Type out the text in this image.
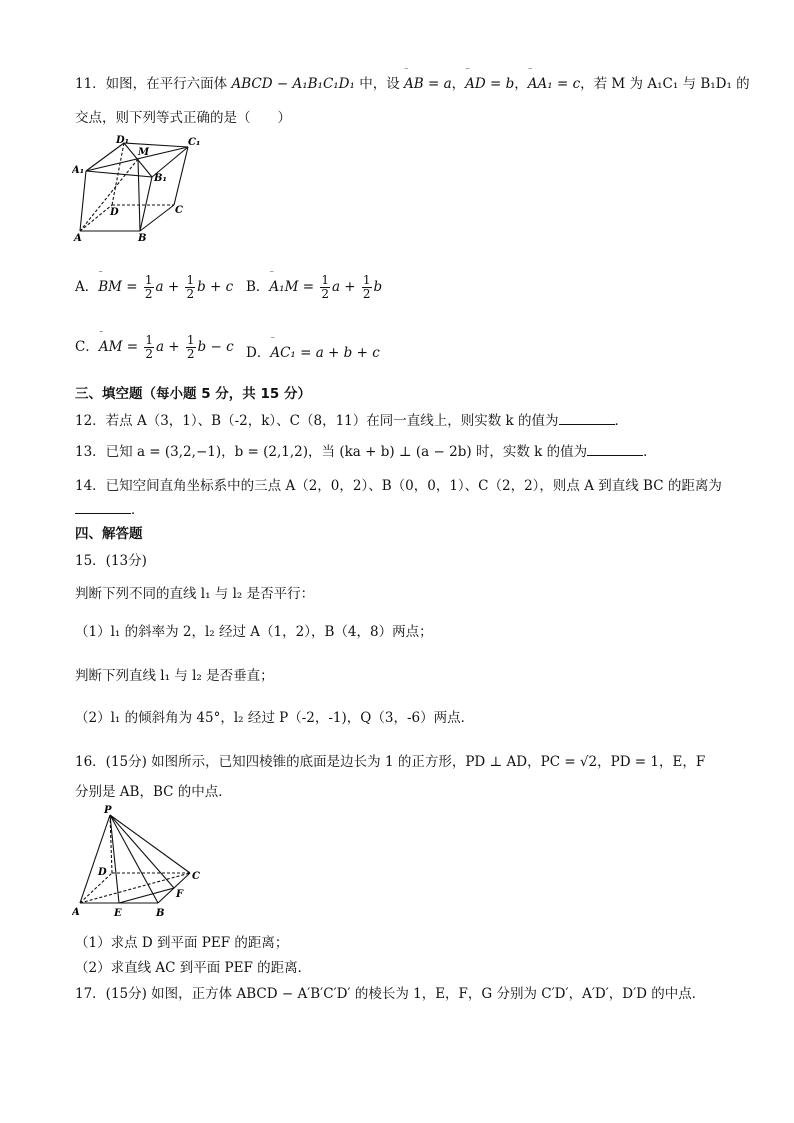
11．如图，在平行六面体 ABCD − A₁B₁C₁D₁ 中，设 ⁻ AB = a，⁻ AD = b，⁻ AA₁ = c，若 M 为 A₁C₁ 与 B₁D₁ 的
交点，则下列等式正确的是（　　）
D₁
M
C₁
A₁
B₁
D	C
A	B
A．⁻ BM = $\frac{1}{2}$ $a + \frac{1}{2}$ b + c B．⁻ $A_1M = \frac{1}{2}$ $a + \frac{1}{2}$ b
C．⁻ AM = $\frac{1}{2}$ $a + \frac{1}{2}$ b − c D．⁻ AC₁ = a + b + c
三、填空题（每小题 5 分，共 15 分）
12．若点 A（3，1）、B（-2，k）、C（8，11）在同一直线上，则实数 k 的值为	．
13．已知 a = (3,2,−1)，b = (2,1,2)，当 (ka + b) ⊥ (a − 2b) 时，实数 k 的值为	．
14．已知空间直角坐标系中的三点 A（2，0，2）、B（0，0，1）、C（2，2），则点 A 到直线 BC 的距离为
．
四、解答题
15．(13分)
判断下列不同的直线 l₁ 与 l₂ 是否平行：
（1）l₁ 的斜率为 2，l₂ 经过 A（1，2），B（4，8）两点；
判断下列直线 l₁ 与 l₂ 是否垂直；
（2）l₁ 的倾斜角为 45°，l₂ 经过 P（-2，-1)，Q（3，-6）两点．
16．(15分) 如图所示，已知四棱锥的底面是边长为 1 的正方形，PD ⊥ AD，PC = √2，PD = 1，E，F
分别是 AB，BC 的中点．
P
D	C
A	E	B
F
（1）求点 D 到平面 PEF 的距离；
（2）求直线 AC 到平面 PEF 的距离．
17．(15分) 如图，正方体 ABCD − A′B′C′D′ 的棱长为 1，E，F，G 分别为 C′D′，A′D′，D′D 的中点．
